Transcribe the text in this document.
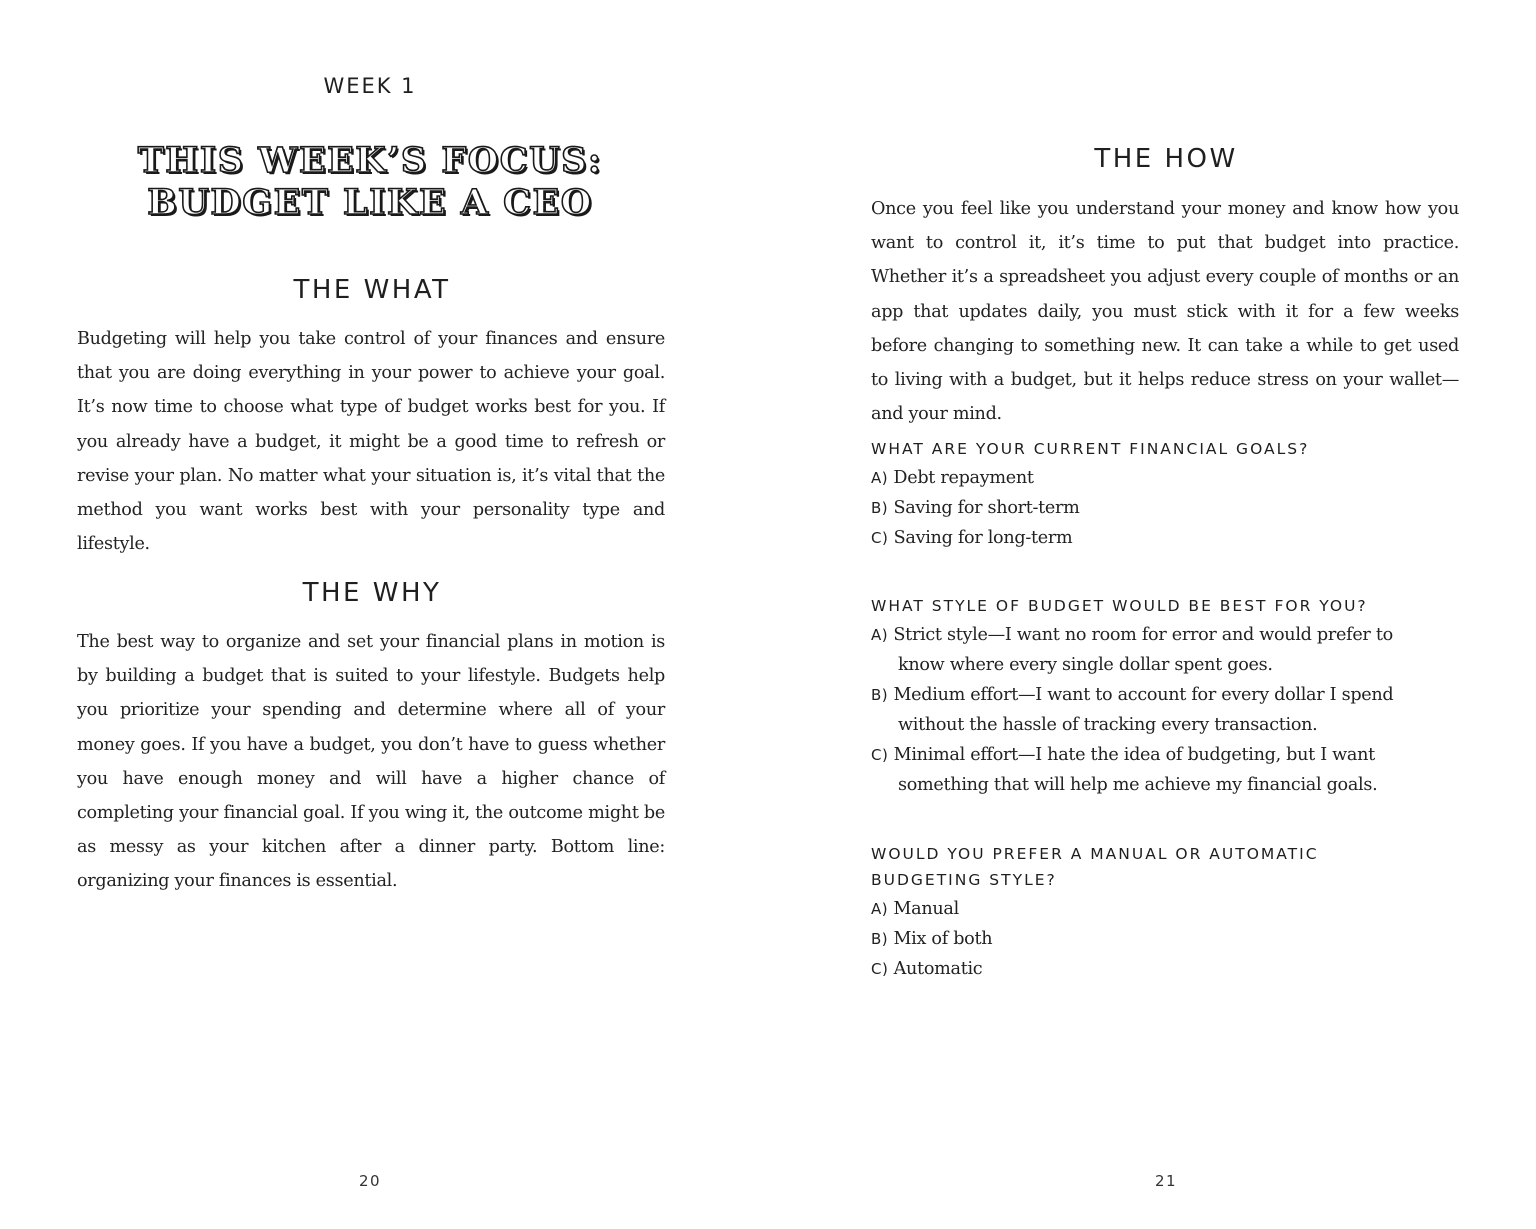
WEEK 1
THIS WEEK’S FOCUS:
BUDGET LIKE A CEO
THE WHAT

Budgeting will help you take control of your finances and ensure that you are doing everything in your power to achieve your goal. It’s now time to choose what type of budget works best for you. If you already have a budget, it might be a good time to refresh or revise your plan. No matter what your situation is, it’s vital that the method you want works best with your personality type and lifestyle.

THE WHY

The best way to organize and set your financial plans in motion is by building a budget that is suited to your lifestyle. Budgets help you prioritize your spending and determine where all of your money goes. If you have a budget, you don’t have to guess whether you have enough money and will have a higher chance of completing your financial goal. If you wing it, the outcome might be as messy as your kitchen after a dinner party. Bottom line: organizing your finances is essential.

20
THE HOW

Once you feel like you understand your money and know how you want to control it, it’s time to put that budget into practice. Whether it’s a spreadsheet you adjust every couple of months or an app that updates daily, you must stick with it for a few weeks before changing to something new. It can take a while to get used to living with a budget, but it helps reduce stress on your wallet—and your mind.

WHAT ARE YOUR CURRENT FINANCIAL GOALS?
A) Debt repayment
B) Saving for short-term
C) Saving for long-term
WHAT STYLE OF BUDGET WOULD BE BEST FOR YOU?
A) Strict style—I want no room for error and would prefer to know where every single dollar spent goes.
B) Medium effort—I want to account for every dollar I spend without the hassle of tracking every transaction.
C) Minimal effort—I hate the idea of budgeting, but I want something that will help me achieve my financial goals.
WOULD YOU PREFER A MANUAL OR AUTOMATIC BUDGETING STYLE?
A) Manual
B) Mix of both
C) Automatic
21
